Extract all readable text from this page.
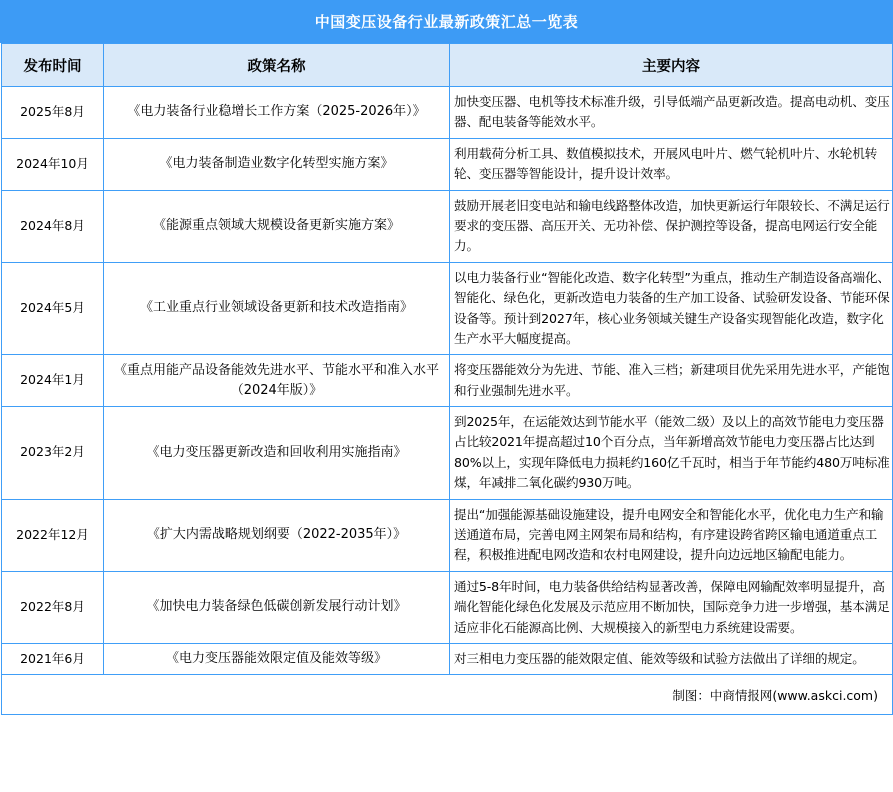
中国变压设备行业最新政策汇总一览表
发布时间	政策名称	主要内容
2025年8月	《电力装备行业稳增长工作方案（2025-2026年）》	加快变压器、电机等技术标准升级，引导低端产品更新改造。提高电动机、变压器、配电装备等能效水平。
2024年10月	《电力装备制造业数字化转型实施方案》	利用载荷分析工具、数值模拟技术，开展风电叶片、燃气轮机叶片、水轮机转轮、变压器等智能设计，提升设计效率。
2024年8月	《能源重点领域大规模设备更新实施方案》	鼓励开展老旧变电站和输电线路整体改造，加快更新运行年限较长、不满足运行要求的变压器、高压开关、无功补偿、保护测控等设备，提高电网运行安全能力。
2024年5月	《工业重点行业领域设备更新和技术改造指南》	以电力装备行业“智能化改造、数字化转型”为重点，推动生产制造设备高端化、智能化、绿色化，更新改造电力装备的生产加工设备、试验研发设备、节能环保设备等。预计到2027年，核心业务领域关键生产设备实现智能化改造，数字化生产水平大幅度提高。
2024年1月	《重点用能产品设备能效先进水平、节能水平和准入水平（2024年版）》	将变压器能效分为先进、节能、准入三档；新建项目优先采用先进水平，产能饱和行业强制先进水平。
2023年2月	《电力变压器更新改造和回收利用实施指南》	到2025年，在运能效达到节能水平（能效二级）及以上的高效节能电力变压器占比较2021年提高超过10个百分点，当年新增高效节能电力变压器占比达到80%以上，实现年降低电力损耗约160亿千瓦时，相当于年节能约480万吨标准煤，年减排二氧化碳约930万吨。
2022年12月	《扩大内需战略规划纲要（2022-2035年）》	提出“加强能源基础设施建设，提升电网安全和智能化水平，优化电力生产和输送通道布局，完善电网主网架布局和结构，有序建设跨省跨区输电通道重点工程，积极推进配电网改造和农村电网建设，提升向边远地区输配电能力。
2022年8月	《加快电力装备绿色低碳创新发展行动计划》	通过5-8年时间，电力装备供给结构显著改善，保障电网输配效率明显提升，高端化智能化绿色化发展及示范应用不断加快，国际竞争力进一步增强，基本满足适应非化石能源高比例、大规模接入的新型电力系统建设需要。
2021年6月	《电力变压器能效限定值及能效等级》	对三相电力变压器的能效限定值、能效等级和试验方法做出了详细的规定。
制图：中商情报网(www.askci.com)		
